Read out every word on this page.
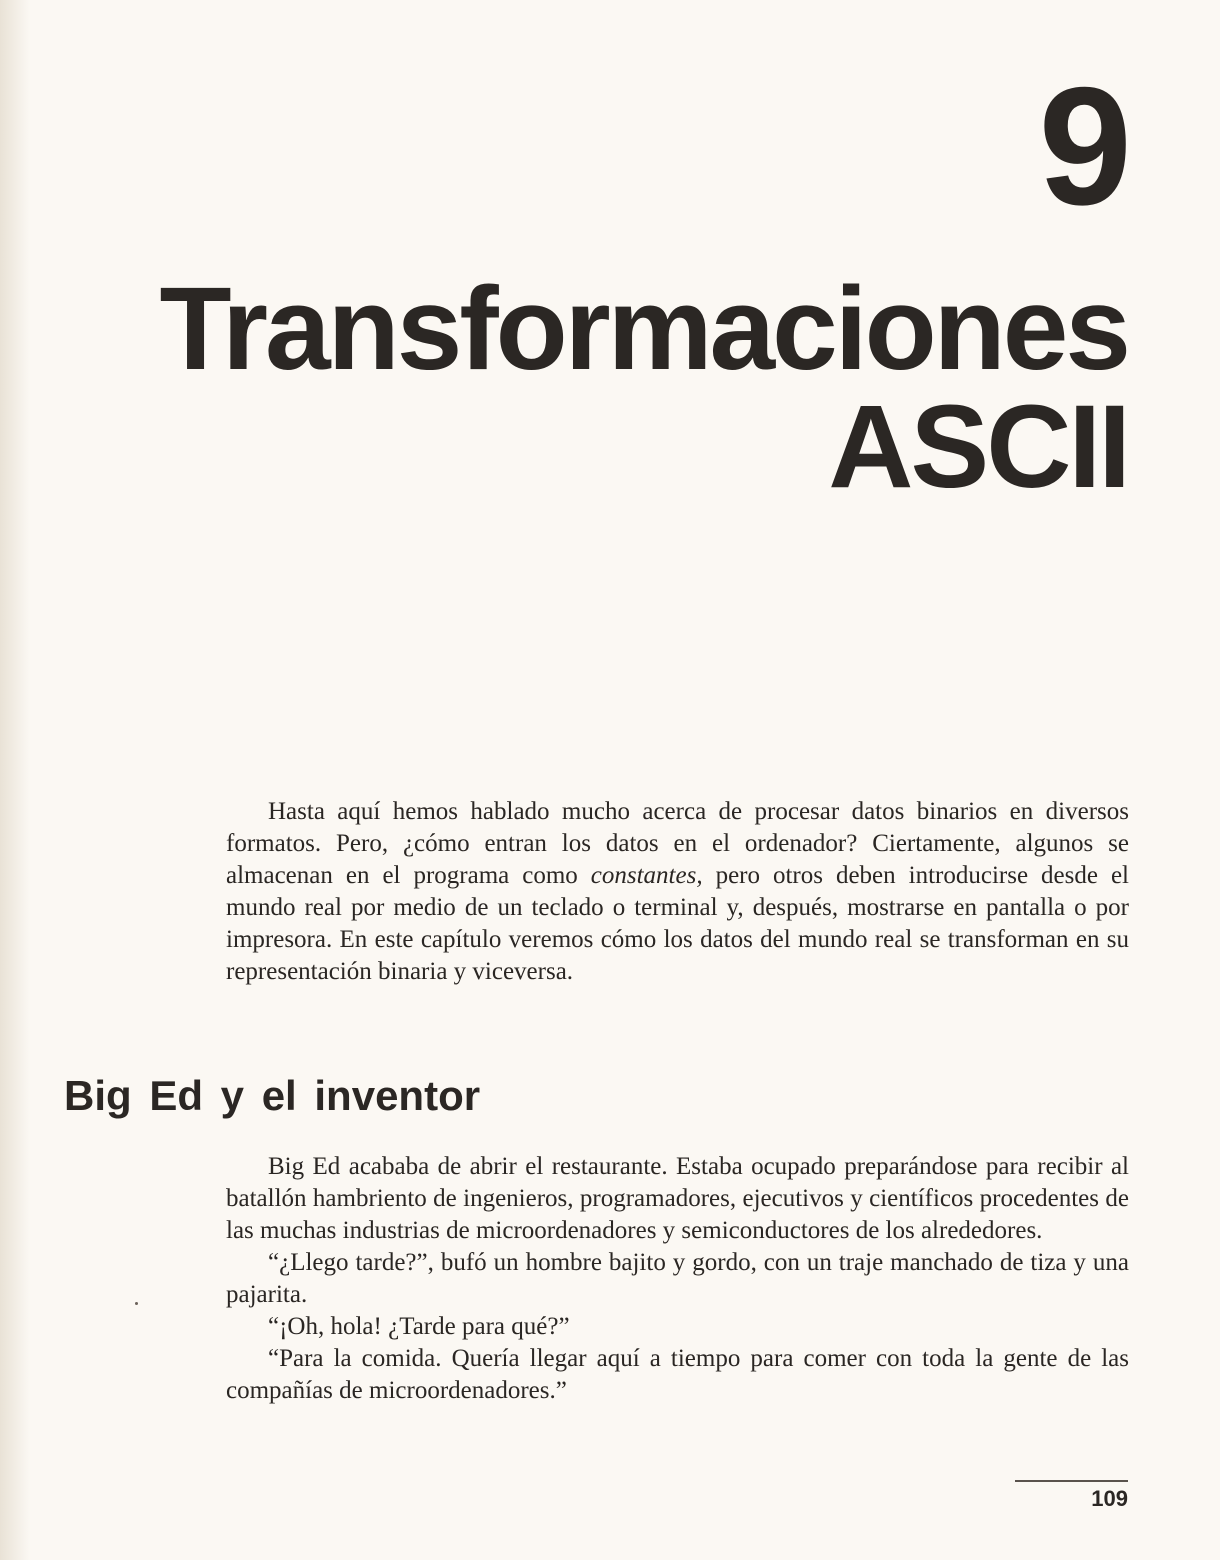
9
Transformaciones
ASCII

Hasta aquí hemos hablado mucho acerca de procesar datos binarios en diversos formatos. Pero, ¿cómo entran los datos en el ordenador? Ciertamente, algunos se almacenan en el programa como constantes, pero otros deben introducirse desde el mundo real por medio de un teclado o terminal y, después, mostrarse en pantalla o por impresora. En este capítulo veremos cómo los datos del mundo real se transforman en su representación binaria y viceversa.

Big Ed y el inventor

Big Ed acababa de abrir el restaurante. Estaba ocupado preparándose para recibir al batallón hambriento de ingenieros, programadores, ejecutivos y científicos procedentes de las muchas industrias de microordenadores y semiconductores de los alrededores.

“¿Llego tarde?”, bufó un hombre bajito y gordo, con un traje manchado de tiza y una pajarita.

“¡Oh, hola! ¿Tarde para qué?”

“Para la comida. Quería llegar aquí a tiempo para comer con toda la gente de las compañías de microordenadores.”

109
